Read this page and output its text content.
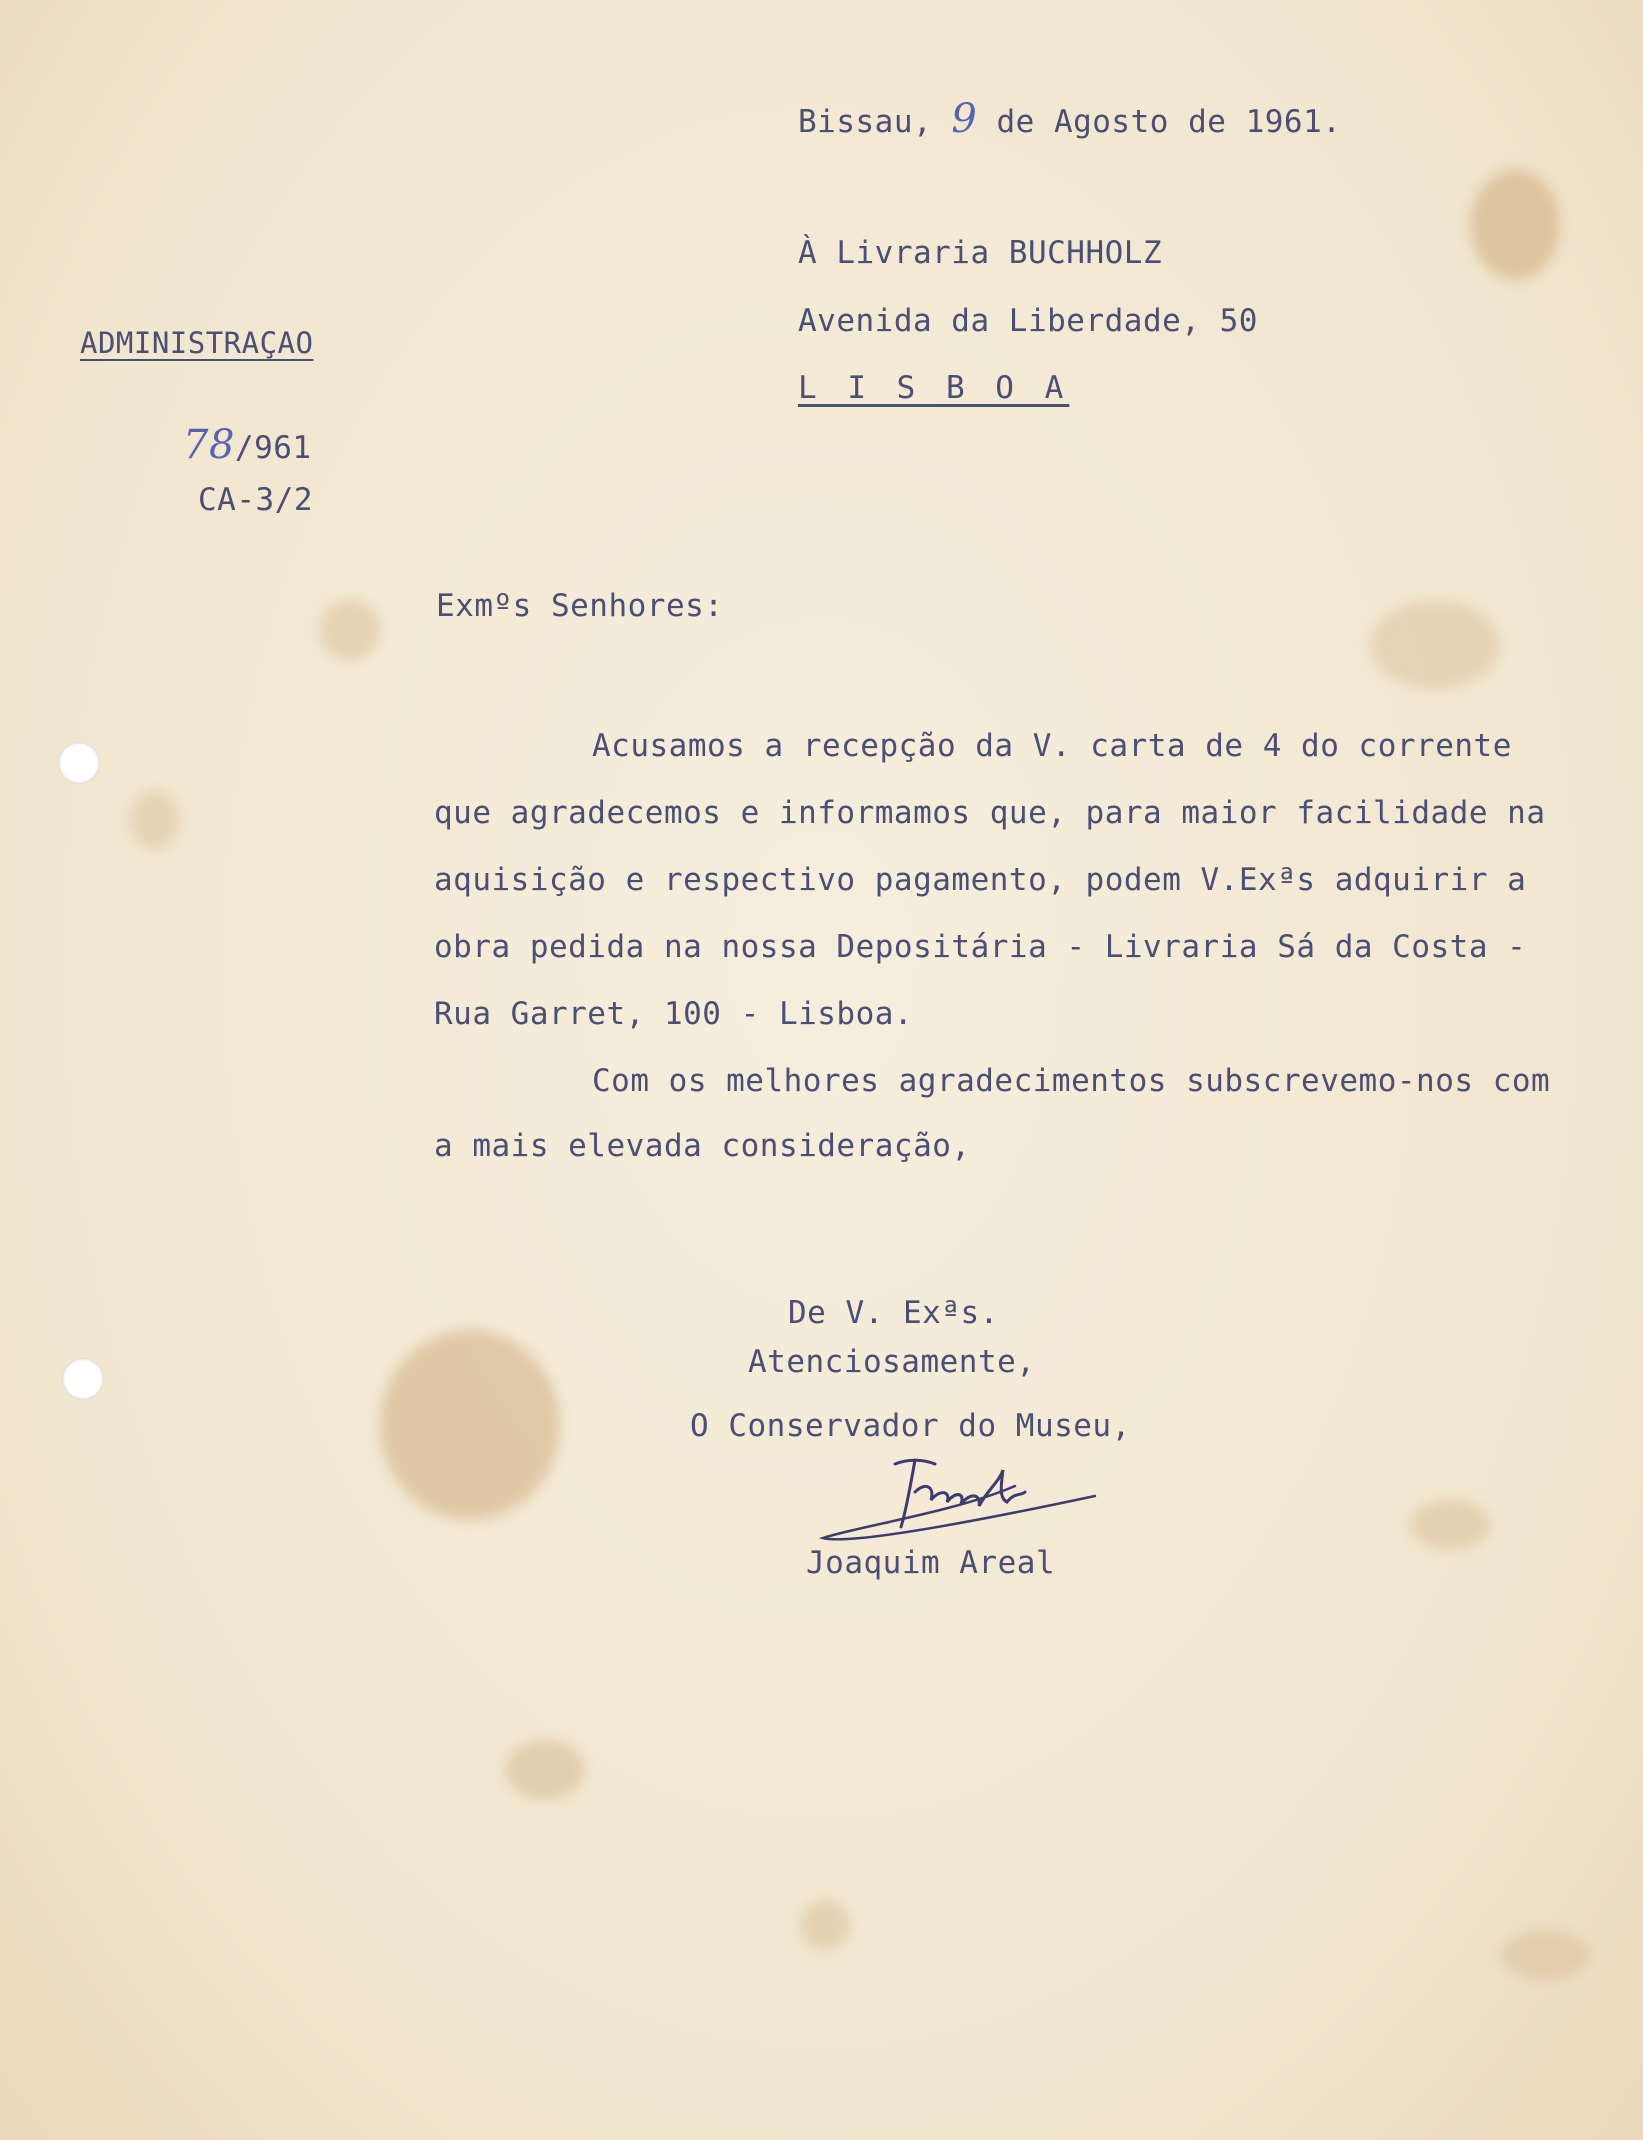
Bissau, 9 de Agosto de 1961.
À Livraria BUCHHOLZ
Avenida da Liberdade, 50
L I S B O A
ADMINISTRAÇAO
78/961
CA-3/2
Exmºs Senhores:
Acusamos a recepção da V. carta de 4 do corrente
que agradecemos e informamos que, para maior facilidade na
aquisição e respectivo pagamento, podem V.Exªs adquirir a
obra pedida na nossa Depositária - Livraria Sá da Costa -
Rua Garret, 100 - Lisboa.
Com os melhores agradecimentos subscrevemo-nos com
a mais elevada consideração,
De V. Exªs.
Atenciosamente,
O Conservador do Museu,
Joaquim Areal
